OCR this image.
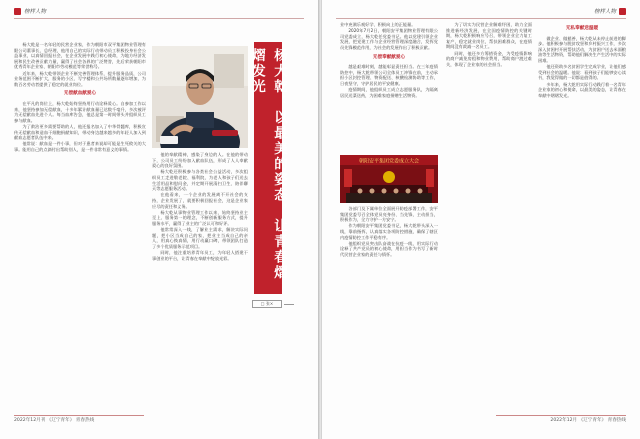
榜样人物

杨大乾是一名年轻的民营企业家，作为朝阳市双平集团物业管理有限公司董事长，总经理，他用自己的实际行动带动员工积极投身社会公益事业，以真情回报社会，在企业发展中践行初心使命，为地方经济发展和民生改善贡献力量，赢得了社会各界的广泛赞誉，先后荣获朝阳市优秀青年企业家、朝阳市劳动模范等荣誉称号。

近年来，杨大乾带领企业不断完善管理体系，提升服务品质，公司业务范围不断扩大，服务的小区、写字楼和公共场所数量逐年增加，为数百名劳动者提供了稳定的就业岗位。

无偿献血献爱心

在平凡的岗位上，杨大乾始终坚持用行动诠释爱心。自参加工作以来，他坚持参加无偿献血，十多年累计献血量已达数千毫升，多次被评为无偿献血先进个人。每当血库告急，他总是第一时间带头并组织员工参与献血。

为了救治更多需要帮助的人，他还报名加入了中华骨髓库，积极宣传无偿献血和造血干细胞捐献知识，带动身边越来越多的年轻人加入到献血志愿者队伍中来。

他常说：献血是一件小事，但对于患者来说却可能是生死攸关的大事。能用自己的点滴付出帮助别人，是一件非常有意义的事情。

他的奉献精神，感染了身边的人。在他的带动下，公司员工纷纷加入献血队伍，形成了人人奉献爱心的良好氛围。

杨大乾还积极参与各类社会公益活动，多次组织员工走进敬老院、福利院，为老人和孩子们送去生活用品和慰问金，并定期开展清扫卫生、陪伴聊天等志愿服务活动。

在他看来，一个企业的发展离不开社会的支持，企业发展了，就要积极回报社会，这是企业家应尽的责任和义务。

杨大乾从事物业管理工作以来，始终坚持业主至上、服务第一的理念，不断创新服务方式，提升服务水平，赢得了业主的广泛认可和好评。

他常常深入一线，了解业主需求，解决实际问题，把小区当成自己的家，把业主当成自己的亲人，用真心换真情，用行动赢口碑，带领团队打造了多个优质服务示范项目。

同时，他注重培养青年员工，为年轻人搭建干事创业的平台，让青春在奉献中绽放光彩。	杨大乾：以最美的姿态，让青春熠熠发光
□ 张×
2022年12月刊 《辽宁青年》 青春热线
榜样人物

业中充满乐观好学、积极向上的正能量。

2020年7月2日，朝阳安平集团物业管理有限公司党委成立，杨大乾任党委书记。他以党建引领企业发展，把党建工作与企业经营管理深度融合，发挥党员先锋模范作用，为社会的发展作出了积极贡献。

无偿奉献献爱心

越是艰难时刻，越能彰显责任担当。在三年疫情防控中，杨大乾带领公司全体员工冲锋在前，主动承担小区封控管理、物资配送、核酸检测协助等工作，日夜坚守，守护居民的平安健康。

疫情期间，他组织员工成立志愿服务队，为隔离居民送菜送药，为困难家庭捐赠生活物资。

朝阳安平集团党委成立大会

各部门及下属单位全面展开防疫部署工作，安平集团党委号召全体党员亮身份、当先锋，主动担当，积极作为，全力守护一方安宁。

作为朝阳安平集团党委书记，杨大乾带头深入一线，靠前指挥，认真落实各项防控措施，确保了辖区内疫情防控工作平稳有序。

他组织党员突击队奋战在抗疫一线，用实际行动诠释了共产党员的初心使命，用担当作为书写了新时代民营企业家的责任与情怀。

为了切实为民营企业解难纾困，助力全面推进新经济发展，在全国疫情防控的关键时期，杨大乾积极响应号召，带领企业全力复工复产，稳定就业岗位，帮扶困难群众，在疫情期间没有裁减一名员工。

同时，他还多方筹措资金，为受疫情影响的商户减免房租和物业费用，帮助商户渡过难关，体现了企业家的社会担当。

无私奉献送温暖

做企业、做慈善，杨大乾从未停止前进的脚步。他积极参与脱贫攻坚和乡村振兴工作，多次深入贫困村开展帮扶活动，为贫困户送去米面粮油等生活物资，帮助他们解决生产生活中的实际困难。

他还资助多名贫困学生完成学业，让他们感受到社会的温暖。他说：看到孩子们能够安心读书，我觉得做的一切都是值得的。

多年来，杨大乾用实际行动践行着一名青年企业家的初心和使命，以最美的姿态，让青春在奉献中熠熠发光。

2022年12月 《辽宁青年》 青春热线
